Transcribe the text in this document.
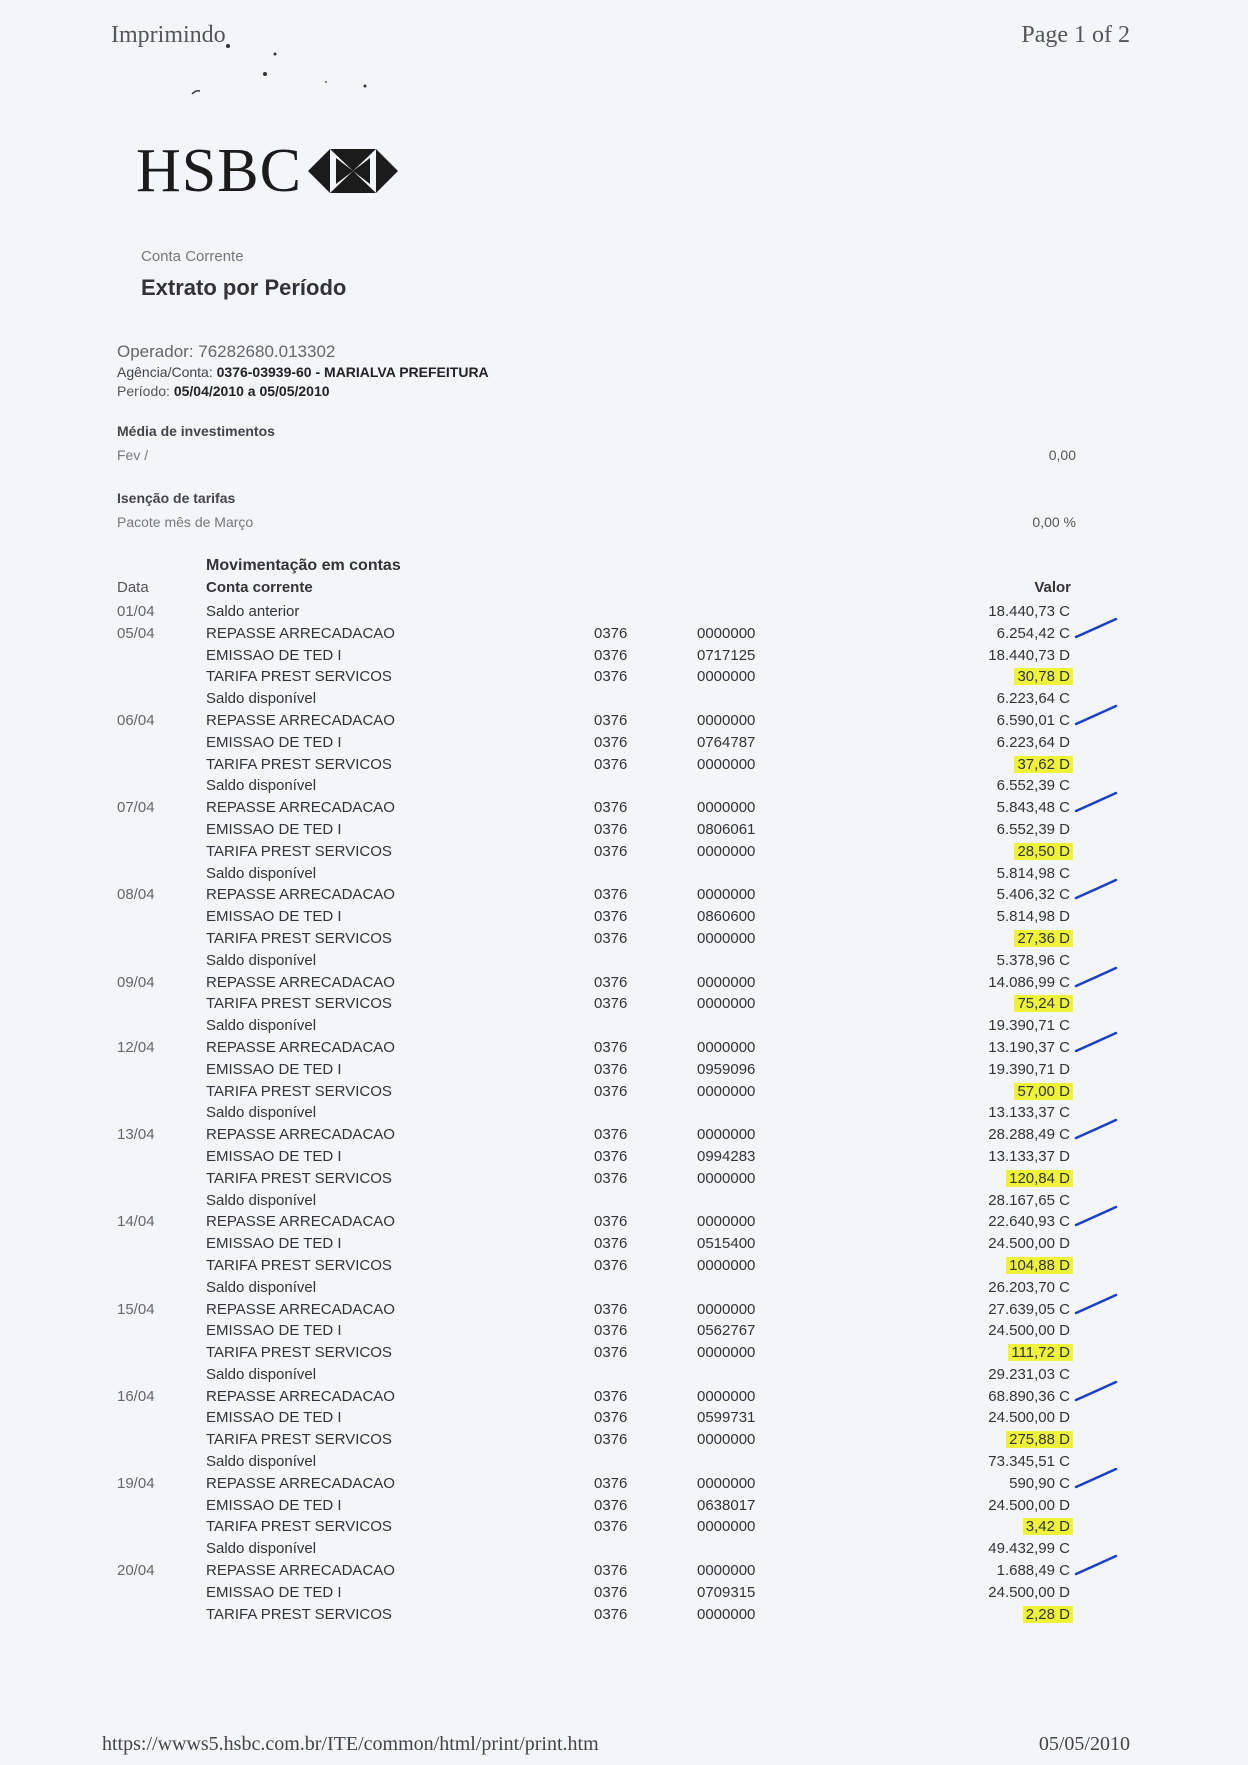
Imprimindo	Page 1 of 2
HSBC
Conta Corrente
Extrato por Período
Operador: 76282680.013302
Agência/Conta: 0376-03939-60 - MARIALVA PREFEITURA
Período: 05/04/2010 a 05/05/2010
Média de investimentos
Fev /	0,00
Isenção de tarifas
Pacote mês de Março	0,00 %
Movimentação em contas
Data	Conta corrente	Valor
01/04	Saldo anterior	18.440,73 C
05/04	REPASSE ARRECADACAO	0376	0000000	6.254,42 C
EMISSAO DE TED I	0376	0717125	18.440,73 D
TARIFA PREST SERVICOS	0376	0000000	30,78 D
Saldo disponível	6.223,64 C
06/04	REPASSE ARRECADACAO	0376	0000000	6.590,01 C
EMISSAO DE TED I	0376	0764787	6.223,64 D
TARIFA PREST SERVICOS	0376	0000000	37,62 D
Saldo disponível	6.552,39 C
07/04	REPASSE ARRECADACAO	0376	0000000	5.843,48 C
EMISSAO DE TED I	0376	0806061	6.552,39 D
TARIFA PREST SERVICOS	0376	0000000	28,50 D
Saldo disponível	5.814,98 C
08/04	REPASSE ARRECADACAO	0376	0000000	5.406,32 C
EMISSAO DE TED I	0376	0860600	5.814,98 D
TARIFA PREST SERVICOS	0376	0000000	27,36 D
Saldo disponível	5.378,96 C
09/04	REPASSE ARRECADACAO	0376	0000000	14.086,99 C
TARIFA PREST SERVICOS	0376	0000000	75,24 D
Saldo disponível	19.390,71 C
12/04	REPASSE ARRECADACAO	0376	0000000	13.190,37 C
EMISSAO DE TED I	0376	0959096	19.390,71 D
TARIFA PREST SERVICOS	0376	0000000	57,00 D
Saldo disponível	13.133,37 C
13/04	REPASSE ARRECADACAO	0376	0000000	28.288,49 C
EMISSAO DE TED I	0376	0994283	13.133,37 D
TARIFA PREST SERVICOS	0376	0000000	120,84 D
Saldo disponível	28.167,65 C
14/04	REPASSE ARRECADACAO	0376	0000000	22.640,93 C
EMISSAO DE TED I	0376	0515400	24.500,00 D
TARIFA PREST SERVICOS	0376	0000000	104,88 D
Saldo disponível	26.203,70 C
15/04	REPASSE ARRECADACAO	0376	0000000	27.639,05 C
EMISSAO DE TED I	0376	0562767	24.500,00 D
TARIFA PREST SERVICOS	0376	0000000	111,72 D
Saldo disponível	29.231,03 C
16/04	REPASSE ARRECADACAO	0376	0000000	68.890,36 C
EMISSAO DE TED I	0376	0599731	24.500,00 D
TARIFA PREST SERVICOS	0376	0000000	275,88 D
Saldo disponível	73.345,51 C
19/04	REPASSE ARRECADACAO	0376	0000000	590,90 C
EMISSAO DE TED I	0376	0638017	24.500,00 D
TARIFA PREST SERVICOS	0376	0000000	3,42 D
Saldo disponível	49.432,99 C
20/04	REPASSE ARRECADACAO	0376	0000000	1.688,49 C
EMISSAO DE TED I	0376	0709315	24.500,00 D
TARIFA PREST SERVICOS	0376	0000000	2,28 D
https://wwws5.hsbc.com.br/ITE/common/html/print/print.htm	05/05/2010
